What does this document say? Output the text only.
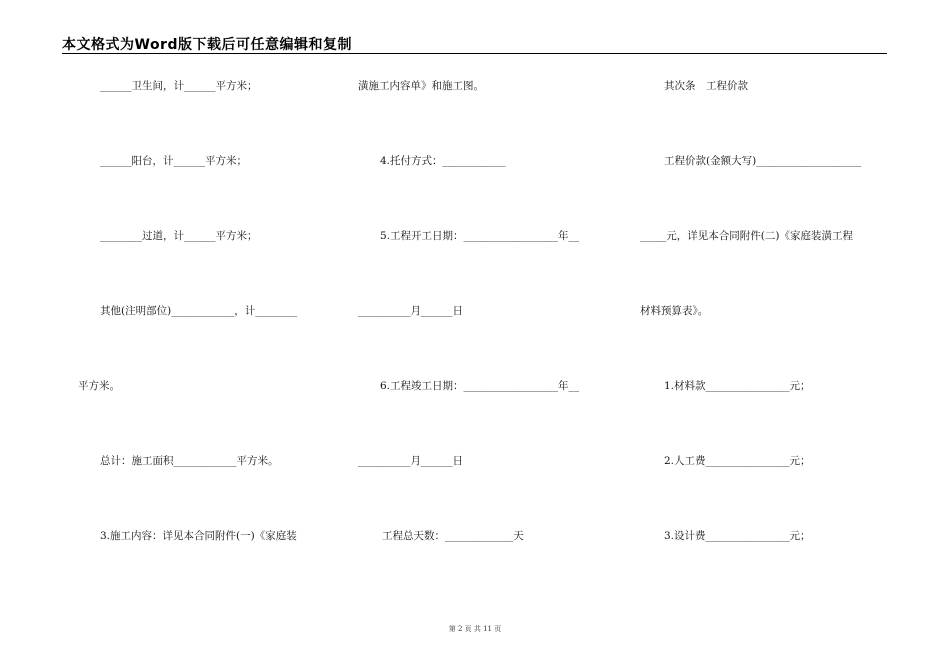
本文格式为Word版下载后可任意编辑和复制
______卫生间，计______平方米；
______阳台，计______平方米；
________过道，计______平方米；
其他(注明部位)____________，计________
平方米。
总计：施工面积____________平方米。
3.施工内容：详见本合同附件(一)《家庭装
潢施工内容单》和施工图。
4.托付方式：____________
5.工程开工日期：__________________年__
__________月______日
6.工程竣工日期：__________________年__
__________月______日
工程总天数：_____________天
其次条　工程价款
工程价款(金额大写)____________________
_____元，详见本合同附件(二)《家庭装潢工程
材料预算表》。
1.材料款________________元；
2.人工费________________元；
3.设计费________________元；
第 2 页 共 11 页
